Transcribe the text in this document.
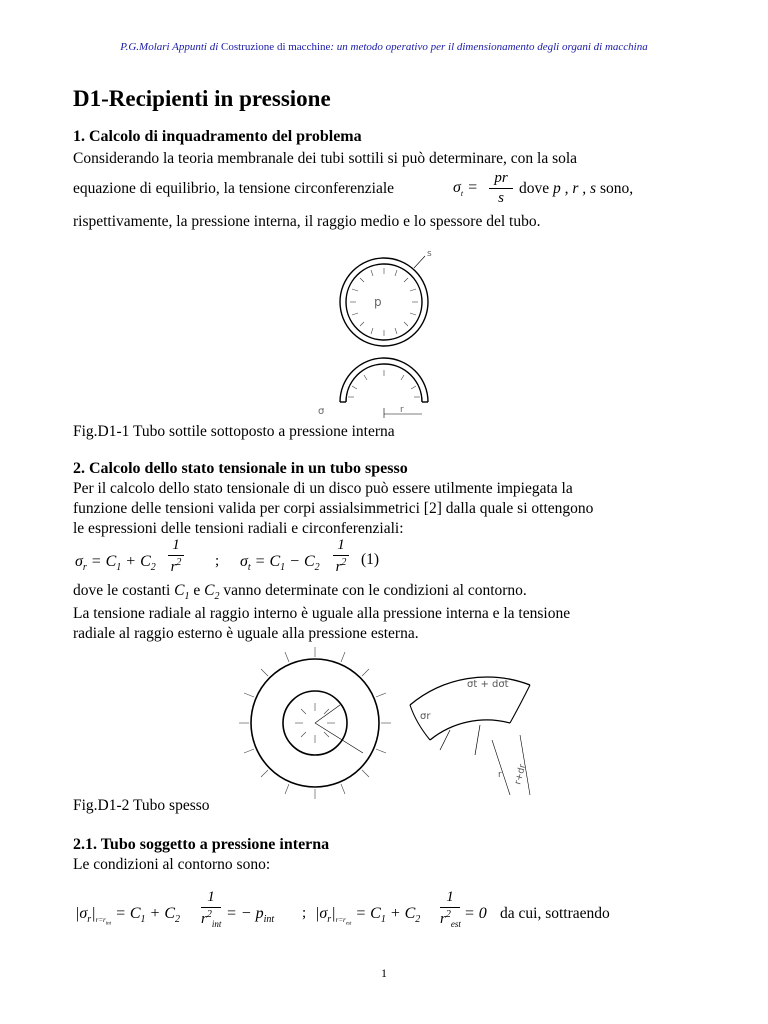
P.G.Molari Appunti di Costruzione di macchine: un metodo operativo per il dimensionamento degli organi di macchina
D1-Recipienti in pressione
1. Calcolo di inquadramento del problema
Considerando la teoria membranale dei tubi sottili si può determinare, con la sola
equazione di equilibrio, la tensione circonferenziale	$\sigma_t$ =
pr
s
dove p , r , s sono,
rispettivamente, la pressione interna, il raggio medio e lo spessore del tubo.
p
s
σ	r
Fig.D1-1 Tubo sottile sottoposto a pressione interna
2. Calcolo dello stato tensionale in un tubo spesso
Per il calcolo dello stato tensionale di un disco può essere utilmente impiegata la
funzione delle tensioni valida per corpi assialsimmetrici [2] dalla quale si ottengono
le espressioni delle tensioni radiali e circonferenziali:
$\sigma_r = C_1 + C_2$
1
$r^2$ ; $\sigma_t = C_1 - C_2$
1
$r^2$ (1)
dove le costanti $C_1$ e $C_2$ vanno determinate con le condizioni al contorno.
La tensione radiale al raggio interno è uguale alla pressione interna e la tensione
radiale al raggio esterno è uguale alla pressione esterna.
σt + dσt
σr
r+dr
r
Fig.D1-2 Tubo spesso
2.1. Tubo soggetto a pressione interna
Le condizioni al contorno sono:
$|\sigma_r|_{r=r_{int}} = C_1 + C_2$
1
$r^2_{int}$
= − $p_{int}$ ; $|\sigma_r|_{r=r_{est}} = C_1 + C_2$
1
$r^2_{est}$
= 0 da cui, sottraendo
1
